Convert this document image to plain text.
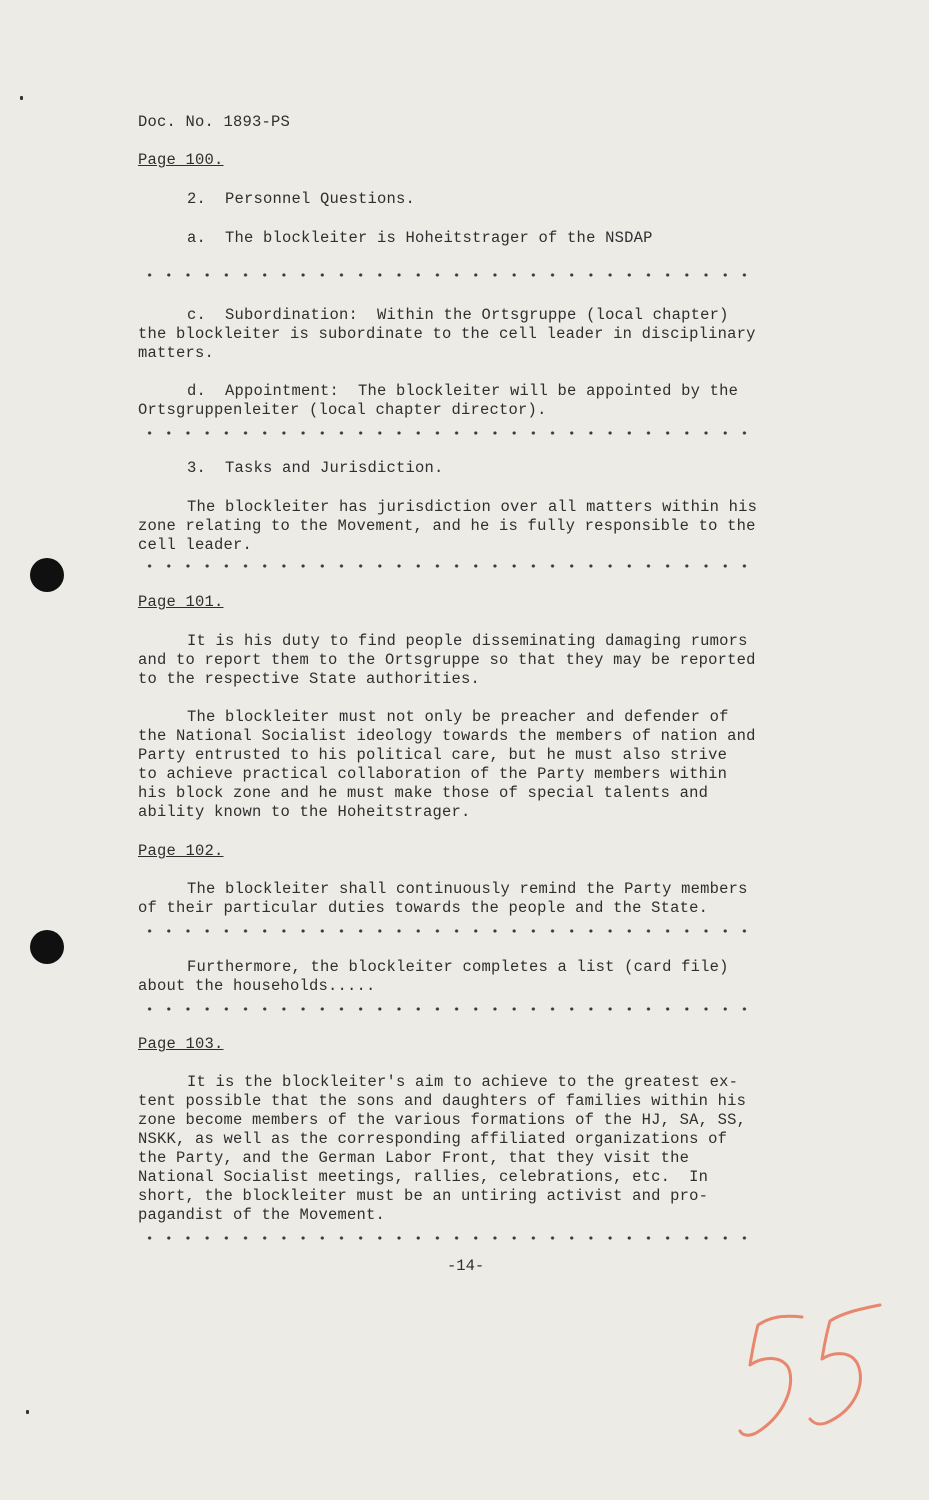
Doc. No. 1893-PS
Page 100.
2.  Personnel Questions.
a.  The blockleiter is Hoheitstrager of the NSDAP
c.  Subordination:  Within the Ortsgruppe (local chapter)
the blockleiter is subordinate to the cell leader in disciplinary
matters.
d.  Appointment:  The blockleiter will be appointed by the
Ortsgruppenleiter (local chapter director).
3.  Tasks and Jurisdiction.
The blockleiter has jurisdiction over all matters within his
zone relating to the Movement, and he is fully responsible to the
cell leader.
Page 101.
It is his duty to find people disseminating damaging rumors
and to report them to the Ortsgruppe so that they may be reported
to the respective State authorities.
The blockleiter must not only be preacher and defender of
the National Socialist ideology towards the members of nation and
Party entrusted to his political care, but he must also strive
to achieve practical collaboration of the Party members within
his block zone and he must make those of special talents and
ability known to the Hoheitstrager.
Page 102.
The blockleiter shall continuously remind the Party members
of their particular duties towards the people and the State.
Furthermore, the blockleiter completes a list (card file)
about the households.....
Page 103.
It is the blockleiter's aim to achieve to the greatest ex-
tent possible that the sons and daughters of families within his
zone become members of the various formations of the HJ, SA, SS,
NSKK, as well as the corresponding affiliated organizations of
the Party, and the German Labor Front, that they visit the
National Socialist meetings, rallies, celebrations, etc.  In
short, the blockleiter must be an untiring activist and pro-
pagandist of the Movement.
-14-
